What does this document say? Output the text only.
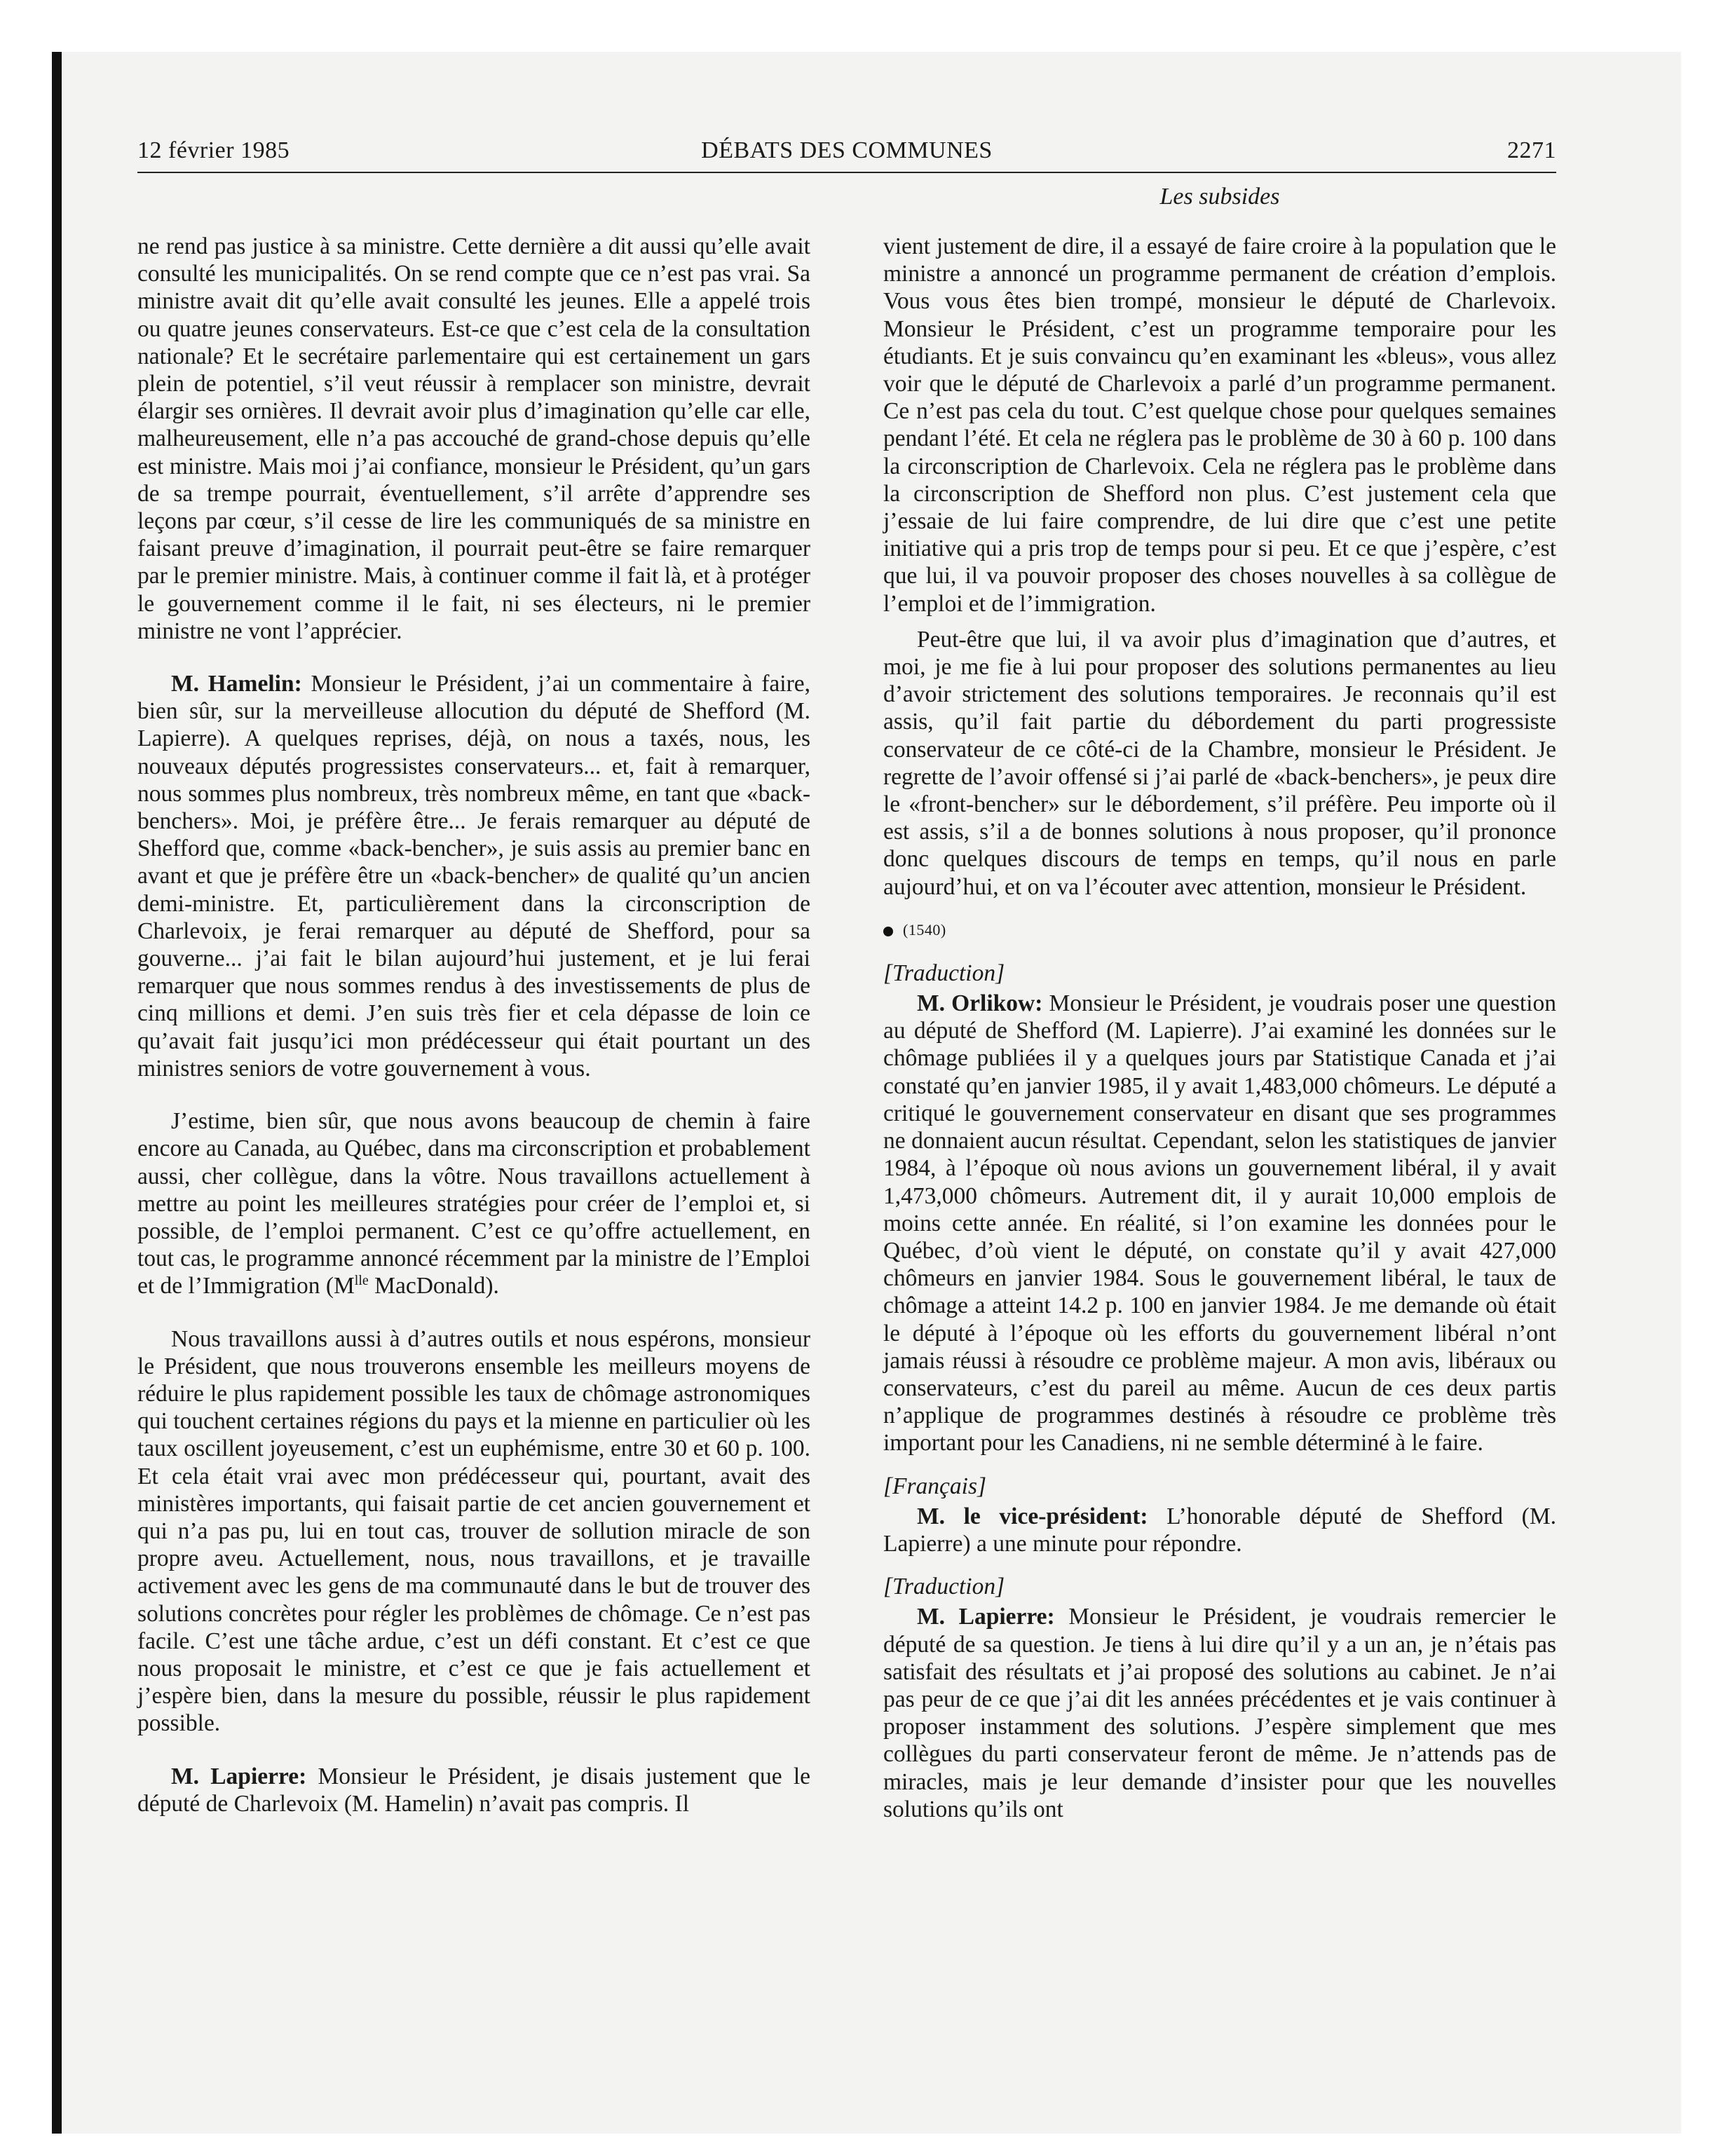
12 février 1985	DÉBATS DES COMMUNES	2271
Les subsides

ne rend pas justice à sa ministre. Cette dernière a dit aussi qu’elle avait consulté les municipalités. On se rend compte que ce n’est pas vrai. Sa ministre avait dit qu’elle avait consulté les jeunes. Elle a appelé trois ou quatre jeunes conservateurs. Est-ce que c’est cela de la consultation nationale? Et le secrétaire parlementaire qui est certainement un gars plein de potentiel, s’il veut réussir à remplacer son ministre, devrait élargir ses ornières. Il devrait avoir plus d’imagination qu’elle car elle, malheureusement, elle n’a pas accouché de grand-chose depuis qu’elle est ministre. Mais moi j’ai confiance, monsieur le Président, qu’un gars de sa trempe pourrait, éventuellement, s’il arrête d’apprendre ses leçons par cœur, s’il cesse de lire les communiqués de sa ministre en faisant preuve d’imagination, il pourrait peut-être se faire remarquer par le premier ministre. Mais, à continuer comme il fait là, et à protéger le gouvernement comme il le fait, ni ses électeurs, ni le premier ministre ne vont l’apprécier.

M. Hamelin: Monsieur le Président, j’ai un commentaire à faire, bien sûr, sur la merveilleuse allocution du député de Shefford (M. Lapierre). A quelques reprises, déjà, on nous a taxés, nous, les nouveaux députés progressistes conservateurs... et, fait à remarquer, nous sommes plus nombreux, très nombreux même, en tant que «back-benchers». Moi, je préfère être... Je ferais remarquer au député de Shefford que, comme «back-bencher», je suis assis au premier banc en avant et que je préfère être un «back-bencher» de qualité qu’un ancien demi-ministre. Et, particulièrement dans la circonscription de Charlevoix, je ferai remarquer au député de Shefford, pour sa gouverne... j’ai fait le bilan aujourd’hui justement, et je lui ferai remarquer que nous sommes rendus à des investissements de plus de cinq millions et demi. J’en suis très fier et cela dépasse de loin ce qu’avait fait jusqu’ici mon prédécesseur qui était pourtant un des ministres seniors de votre gouvernement à vous.

J’estime, bien sûr, que nous avons beaucoup de chemin à faire encore au Canada, au Québec, dans ma circonscription et probablement aussi, cher collègue, dans la vôtre. Nous travaillons actuellement à mettre au point les meilleures stratégies pour créer de l’emploi et, si possible, de l’emploi permanent. C’est ce qu’offre actuellement, en tout cas, le programme annoncé récemment par la ministre de l’Emploi et de l’Immigration ($M^{lle}$ MacDonald).

Nous travaillons aussi à d’autres outils et nous espérons, monsieur le Président, que nous trouverons ensemble les meilleurs moyens de réduire le plus rapidement possible les taux de chômage astronomiques qui touchent certaines régions du pays et la mienne en particulier où les taux oscillent joyeusement, c’est un euphémisme, entre 30 et 60 p. 100. Et cela était vrai avec mon prédécesseur qui, pourtant, avait des ministères importants, qui faisait partie de cet ancien gouvernement et qui n’a pas pu, lui en tout cas, trouver de sollution miracle de son propre aveu. Actuellement, nous, nous travaillons, et je travaille activement avec les gens de ma communauté dans le but de trouver des solutions concrètes pour régler les problèmes de chômage. Ce n’est pas facile. C’est une tâche ardue, c’est un défi constant. Et c’est ce que nous proposait le ministre, et c’est ce que je fais actuellement et j’espère bien, dans la mesure du possible, réussir le plus rapidement possible.

M. Lapierre: Monsieur le Président, je disais justement que le député de Charlevoix (M. Hamelin) n’avait pas compris. Il

vient justement de dire, il a essayé de faire croire à la population que le ministre a annoncé un programme permanent de création d’emplois. Vous vous êtes bien trompé, monsieur le député de Charlevoix. Monsieur le Président, c’est un programme temporaire pour les étudiants. Et je suis convaincu qu’en examinant les «bleus», vous allez voir que le député de Charlevoix a parlé d’un programme permanent. Ce n’est pas cela du tout. C’est quelque chose pour quelques semaines pendant l’été. Et cela ne réglera pas le problème de 30 à 60 p. 100 dans la circonscription de Charlevoix. Cela ne réglera pas le problème dans la circonscription de Shefford non plus. C’est justement cela que j’essaie de lui faire comprendre, de lui dire que c’est une petite initiative qui a pris trop de temps pour si peu. Et ce que j’espère, c’est que lui, il va pouvoir proposer des choses nouvelles à sa collègue de l’emploi et de l’immigration.

Peut-être que lui, il va avoir plus d’imagination que d’autres, et moi, je me fie à lui pour proposer des solutions permanentes au lieu d’avoir strictement des solutions temporaires. Je reconnais qu’il est assis, qu’il fait partie du débordement du parti progressiste conservateur de ce côté-ci de la Chambre, monsieur le Président. Je regrette de l’avoir offensé si j’ai parlé de «back-benchers», je peux dire le «front-bencher» sur le débordement, s’il préfère. Peu importe où il est assis, s’il a de bonnes solutions à nous proposer, qu’il prononce donc quelques discours de temps en temps, qu’il nous en parle aujourd’hui, et on va l’écouter avec attention, monsieur le Président.

(1540)

[Traduction]

M. Orlikow: Monsieur le Président, je voudrais poser une question au député de Shefford (M. Lapierre). J’ai examiné les données sur le chômage publiées il y a quelques jours par Statistique Canada et j’ai constaté qu’en janvier 1985, il y avait 1,483,000 chômeurs. Le député a critiqué le gouvernement conservateur en disant que ses programmes ne donnaient aucun résultat. Cependant, selon les statistiques de janvier 1984, à l’époque où nous avions un gouvernement libéral, il y avait 1,473,000 chômeurs. Autrement dit, il y aurait 10,000 emplois de moins cette année. En réalité, si l’on examine les données pour le Québec, d’où vient le député, on constate qu’il y avait 427,000 chômeurs en janvier 1984. Sous le gouvernement libéral, le taux de chômage a atteint 14.2 p. 100 en janvier 1984. Je me demande où était le député à l’époque où les efforts du gouvernement libéral n’ont jamais réussi à résoudre ce problème majeur. A mon avis, libéraux ou conservateurs, c’est du pareil au même. Aucun de ces deux partis n’applique de programmes destinés à résoudre ce problème très important pour les Canadiens, ni ne semble déterminé à le faire.

[Français]

M. le vice-président: L’honorable député de Shefford (M. Lapierre) a une minute pour répondre.

[Traduction]

M. Lapierre: Monsieur le Président, je voudrais remercier le député de sa question. Je tiens à lui dire qu’il y a un an, je n’étais pas satisfait des résultats et j’ai proposé des solutions au cabinet. Je n’ai pas peur de ce que j’ai dit les années précédentes et je vais continuer à proposer instamment des solutions. J’espère simplement que mes collègues du parti conservateur feront de même. Je n’attends pas de miracles, mais je leur demande d’insister pour que les nouvelles solutions qu’ils ont
